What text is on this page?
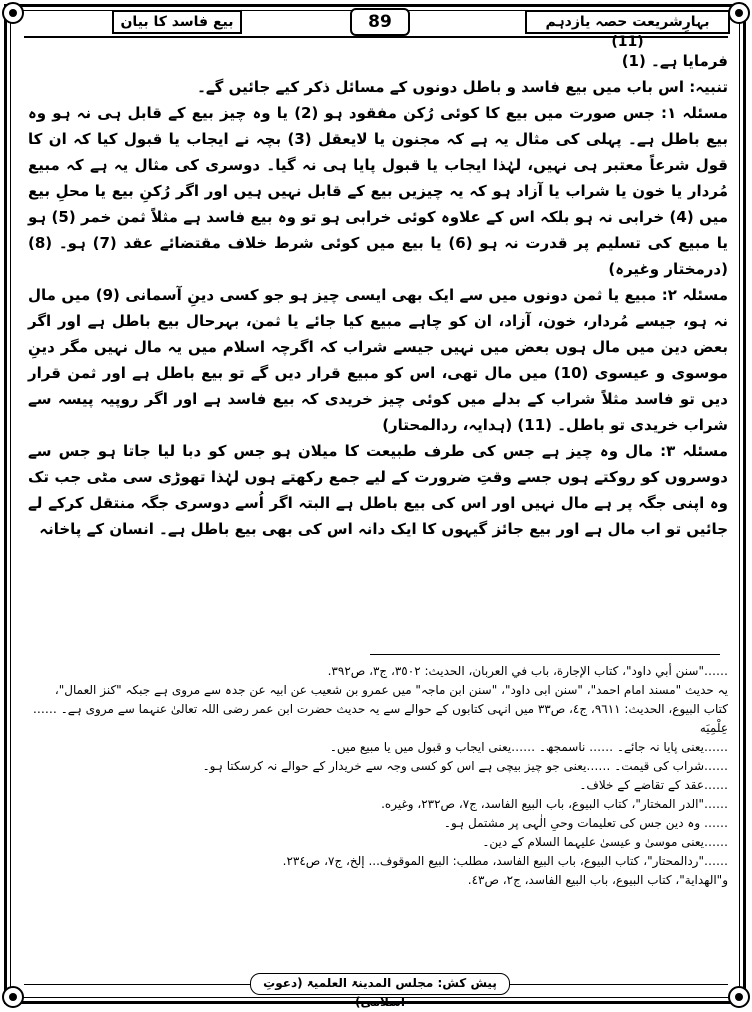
بہارِشریعت حصہ یازدہم (11)
89
بیع فاسد کا بیان

فرمایا ہے۔ (1)

تنبیہ: اس باب میں بیع فاسد و باطل دونوں کے مسائل ذکر کیے جائیں گے۔

مسئلہ ۱: جس صورت میں بیع کا کوئی رُکن مفقود ہو (2) یا وہ چیز بیع کے قابل ہی نہ ہو وہ بیع باطل ہے۔ پہلی کی مثال یہ ہے کہ مجنون یا لایعقل (3) بچہ نے ایجاب یا قبول کیا کہ ان کا قول شرعاً معتبر ہی نہیں، لہٰذا ایجاب یا قبول پایا ہی نہ گیا۔ دوسری کی مثال یہ ہے کہ مبیع مُردار یا خون یا شراب یا آزاد ہو کہ یہ چیزیں بیع کے قابل نہیں ہیں اور اگر رُکنِ بیع یا محلِ بیع میں (4) خرابی نہ ہو بلکہ اس کے علاوہ کوئی خرابی ہو تو وہ بیع فاسد ہے مثلاً ثمن خمر (5) ہو یا مبیع کی تسلیم پر قدرت نہ ہو (6) یا بیع میں کوئی شرط خلاف مقتضائے عقد (7) ہو۔ (8) (درمختار وغیرہ)

مسئلہ ۲: مبیع یا ثمن دونوں میں سے ایک بھی ایسی چیز ہو جو کسی دینِ آسمانی (9) میں مال نہ ہو، جیسے مُردار، خون، آزاد، ان کو چاہے مبیع کیا جائے یا ثمن، بہرحال بیع باطل ہے اور اگر بعض دین میں مال ہوں بعض میں نہیں جیسے شراب کہ اگرچہ اسلام میں یہ مال نہیں مگر دینِ موسوی و عیسوی (10) میں مال تھی، اس کو مبیع قرار دیں گے تو بیع باطل ہے اور ثمن قرار دیں تو فاسد مثلاً شراب کے بدلے میں کوئی چیز خریدی کہ بیع فاسد ہے اور اگر روپیہ پیسہ سے شراب خریدی تو باطل۔ (11) (ہدایہ، ردالمحتار)

مسئلہ ۳: مال وہ چیز ہے جس کی طرف طبیعت کا میلان ہو جس کو دبا لیا جاتا ہو جس سے دوسروں کو روکتے ہوں جسے وقتِ ضرورت کے لیے جمع رکھتے ہوں لہٰذا تھوڑی سی مٹی جب تک وہ اپنی جگہ پر ہے مال نہیں اور اس کی بیع باطل ہے البتہ اگر اُسے دوسری جگہ منتقل کرکے لے جائیں تو اب مال ہے اور بیع جائز گیہوں کا ایک دانہ اس کی بھی بیع باطل ہے۔ انسان کے پاخانہ

……"سنن أبي داود"، كتاب الإجارة، باب في العربان، الحديث: ٣٥٠٢، ج٣، ص٣٩٢.
یہ حدیث "مسند امام احمد"، "سنن ابی داود"، "سنن ابن ماجہ" میں عمرو بن شعیب عن ابیہ عن جدہ سے مروی ہے جبکہ "كنز العمال"، كتاب البيوع، الحديث: ٩٦١١، ج٤، ص٣٣ میں انہی کتابوں کے حوالے سے یہ حدیث حضرت ابن عمر رضی اللہ تعالیٰ عنہما سے مروی ہے۔ ……عِلْمِیَه
……یعنی پایا نہ جائے۔ …… ناسمجھ۔ ……یعنی ایجاب و قبول میں یا مبیع میں۔
……شراب کی قیمت۔ ……یعنی جو چیز بیچی ہے اس کو کسی وجہ سے خریدار کے حوالے نہ کرسکتا ہو۔
……عقد کے تقاضے کے خلاف۔
……"الدر المختار"، كتاب البيوع، باب البيع الفاسد، ج٧، ص٢٣٢، وغيره.
…… وہ دین جس کی تعلیمات وحیِ الٰہی پر مشتمل ہو۔
……یعنی موسیٰ و عیسیٰ علیہما السلام کے دین۔
……"ردالمحتار"، كتاب البيوع، باب البيع الفاسد، مطلب: البيع الموقوف... إلخ، ج٧، ص٢٣٤.
و"الهداية"، كتاب البيوع، باب البيع الفاسد، ج٢، ص٤٣.
پیش کش: مجلس المدینۃ العلمیۃ (دعوتِ اسلامی)
